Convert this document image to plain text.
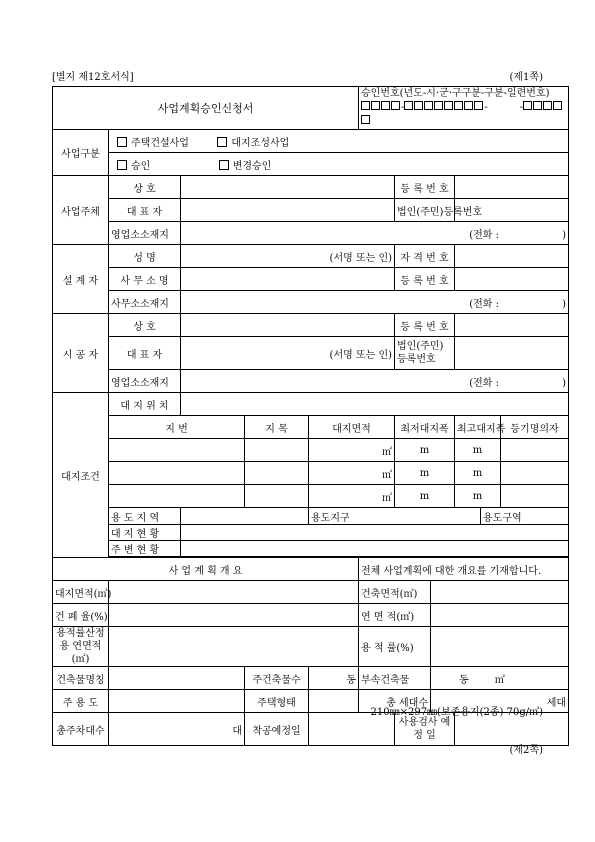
[별지 제12호서식]	(제1쪽)
사업계획승인신청서					승인번호(년도-시·군·구구분-구분-일련번호)
- -          -					

사업구분	주택건설사업 대지조성사업									
	승인 변경승인									
사업주체	상 호					등 록 번 호				
	대 표 자					법인(주민)등록번호				
	영업소소재지	(전화 : )								
설 계 자	성 명	(서명 또는 인)				자 격 번 호				
	사 무 소 명					등 록 번 호				
	사무소소재지	(전화 : )								
시 공 자	상 호					등 록 번 호				
	대 표 자	(서명 또는 인)				법인(주민)등록번호				
	영업소소재지	(전화 : )								
대지조건	대 지 위 치									
	지 번		지 목	대지면적		최저대지폭		최고대지폭		등기명의자
				㎡		m		m		
				㎡		m		m		
				㎡		m		m		
	용 도 지 역			용도지구					용도구역	
	대 지 현 황									
	주 변 현 황									

사 업 계 획 개 요					전체 사업계획에 대한 개요를 기재합니다.					
대지면적(㎡)					건축면적(㎡)					
건 폐 율(%)					연 면 적(㎡)					
용적률산정용 연면적(㎡)					용 적 률(%)					
건축물명칭			주건축물수	동	부속건축물		동 ㎡			
주 용 도			주택형태		총 세대수		세대			
총주차대수	대		착공예정일			사용검사 예 정 일				
210㎜×297㎜(보존용지(2종) 70g/㎡)
(제2쪽)
